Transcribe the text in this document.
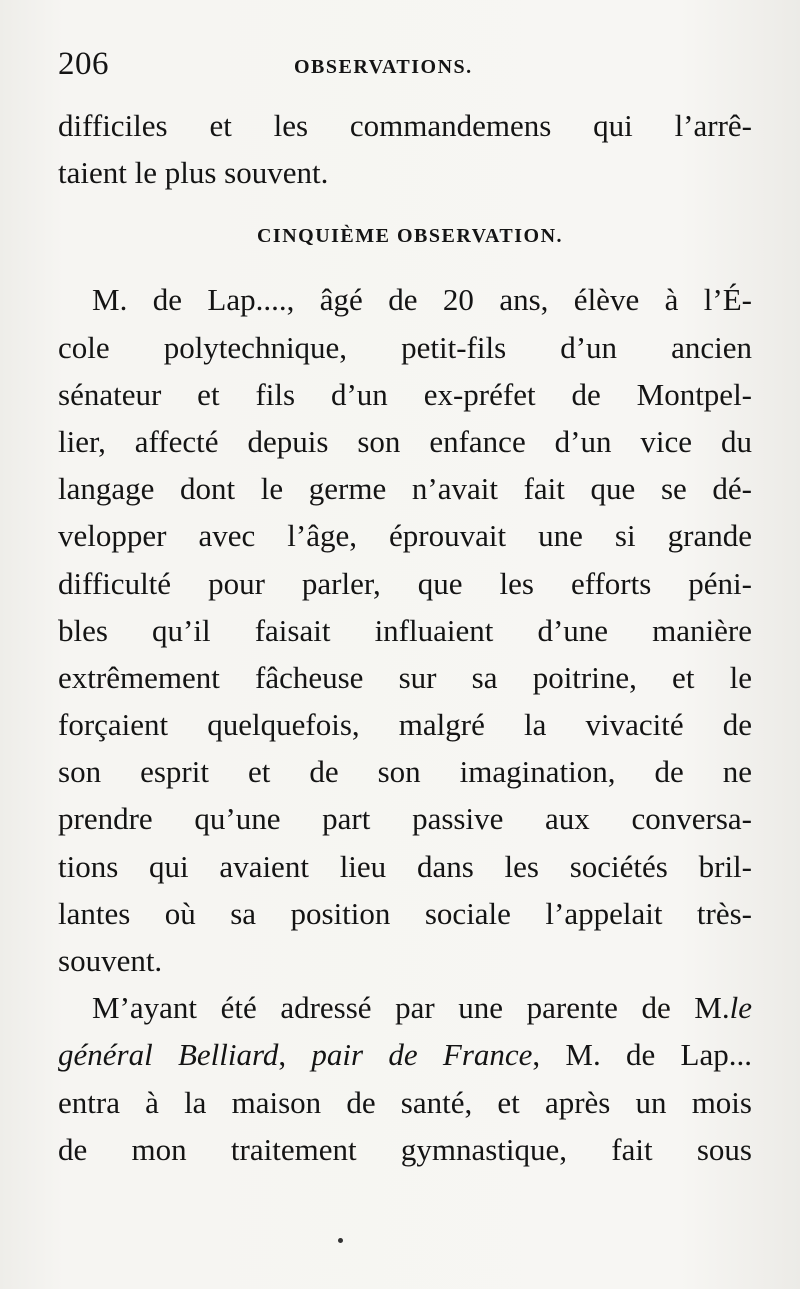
206	OBSERVATIONS.
difficiles et les commandemens qui l’arrê-
taient le plus souvent.
CINQUIÈME OBSERVATION.
M. de Lap...., âgé de 20 ans, élève à l’É-
cole polytechnique, petit-fils d’un ancien
sénateur et fils d’un ex-préfet de Montpel-
lier, affecté depuis son enfance d’un vice du
langage dont le germe n’avait fait que se dé-
velopper avec l’âge, éprouvait une si grande
difficulté pour parler, que les efforts péni-
bles qu’il faisait influaient d’une manière
extrêmement fâcheuse sur sa poitrine, et le
forçaient quelquefois, malgré la vivacité de
son esprit et de son imagination, de ne
prendre qu’une part passive aux conversa-
tions qui avaient lieu dans les sociétés bril-
lantes où sa position sociale l’appelait très-
souvent.
M’ayant été adressé par une parente de M.le
général Belliard, pair de France, M. de Lap...
entra à la maison de santé, et après un mois
de mon traitement gymnastique, fait sous
